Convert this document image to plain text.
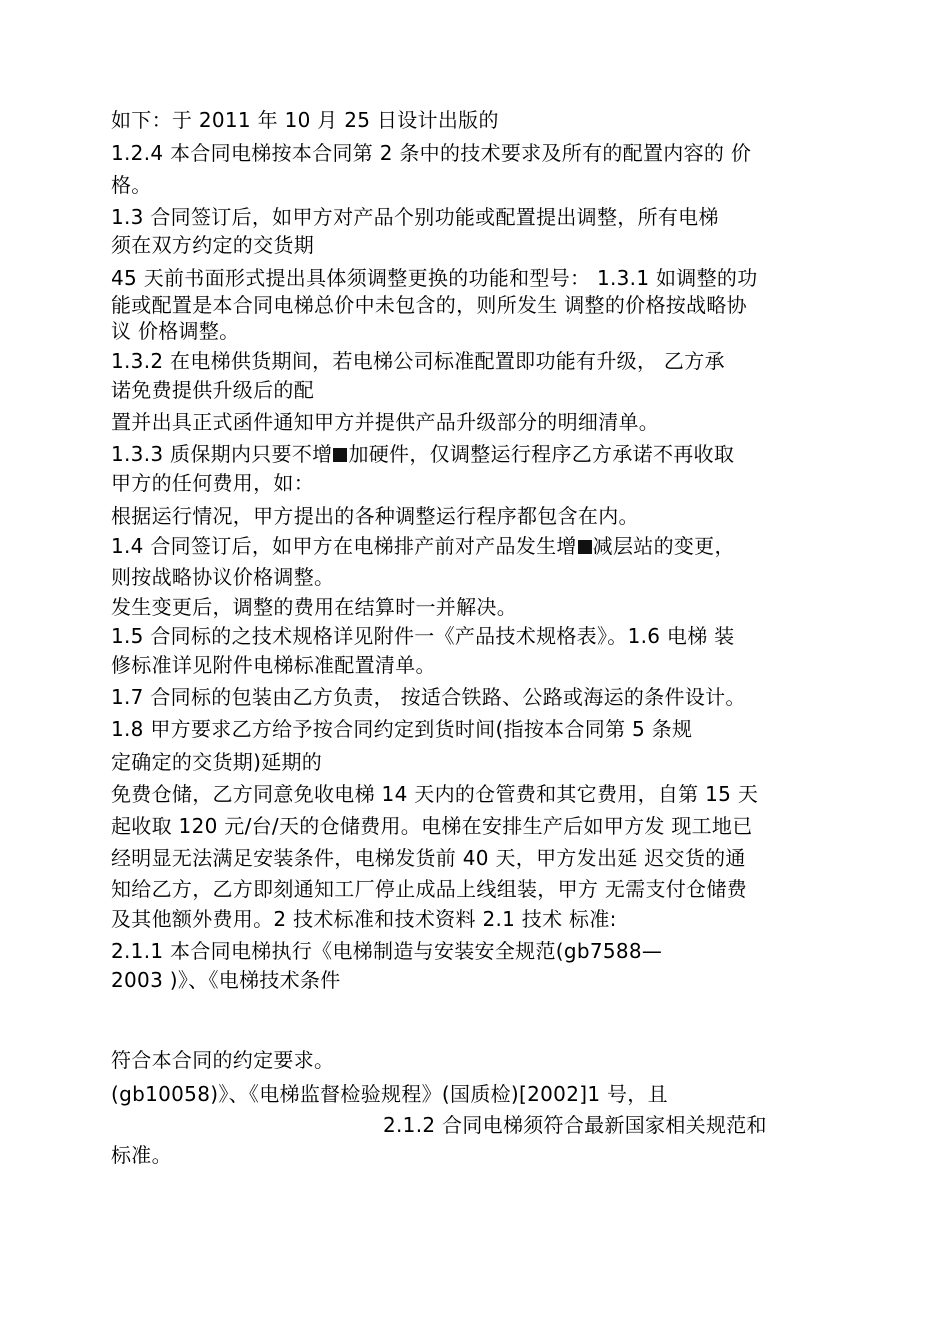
如下：于 2011 年 10 月 25 日设计出版的
1.2.4 本合同电梯按本合同第 2 条中的技术要求及所有的配置内容的 价
格。
1.3 合同签订后，如甲方对产品个别功能或配置提出调整，所有电梯
须在双方约定的交货期
45 天前书面形式提出具体须调整更换的功能和型号： 1.3.1 如调整的功
能或配置是本合同电梯总价中未包含的，则所发生 调整的价格按战略协
议 价格调整。
1.3.2 在电梯供货期间，若电梯公司标准配置即功能有升级， 乙方承
诺免费提供升级后的配
置并出具正式函件通知甲方并提供产品升级部分的明细清单。
1.3.3 质保期内只要不增 加硬件，仅调整运行程序乙方承诺不再收取
甲方的任何费用，如：
根据运行情况，甲方提出的各种调整运行程序都包含在内。
1.4 合同签订后，如甲方在电梯排产前对产品发生增 减层站的变更，
则按战略协议价格调整。
发生变更后，调整的费用在结算时一并解决。
1.5 合同标的之技术规格详见附件一《产品技术规格表》。1.6 电梯 装
修标准详见附件电梯标准配置清单。
1.7 合同标的包装由乙方负责， 按适合铁路、公路或海运的条件设计。
1.8 甲方要求乙方给予按合同约定到货时间(指按本合同第 5 条规
定确定的交货期)延期的
免费仓储，乙方同意免收电梯 14 天内的仓管费和其它费用，自第 15 天
起收取 120 元/台/天的仓储费用。电梯在安排生产后如甲方发 现工地已
经明显无法满足安装条件，电梯发货前 40 天，甲方发出延 迟交货的通
知给乙方，乙方即刻通知工厂停止成品上线组装，甲方 无需支付仓储费
及其他额外费用。2 技术标准和技术资料 2.1 技术 标准:
2.1.1 本合同电梯执行《电梯制造与安装安全规范(gb7588—
2003 )》、《电梯技术条件
符合本合同的约定要求。
(gb10058)》、《电梯监督检验规程》(国质检)[2002]1 号，且
2.1.2 合同电梯须符合最新国家相关规范和
标准。
